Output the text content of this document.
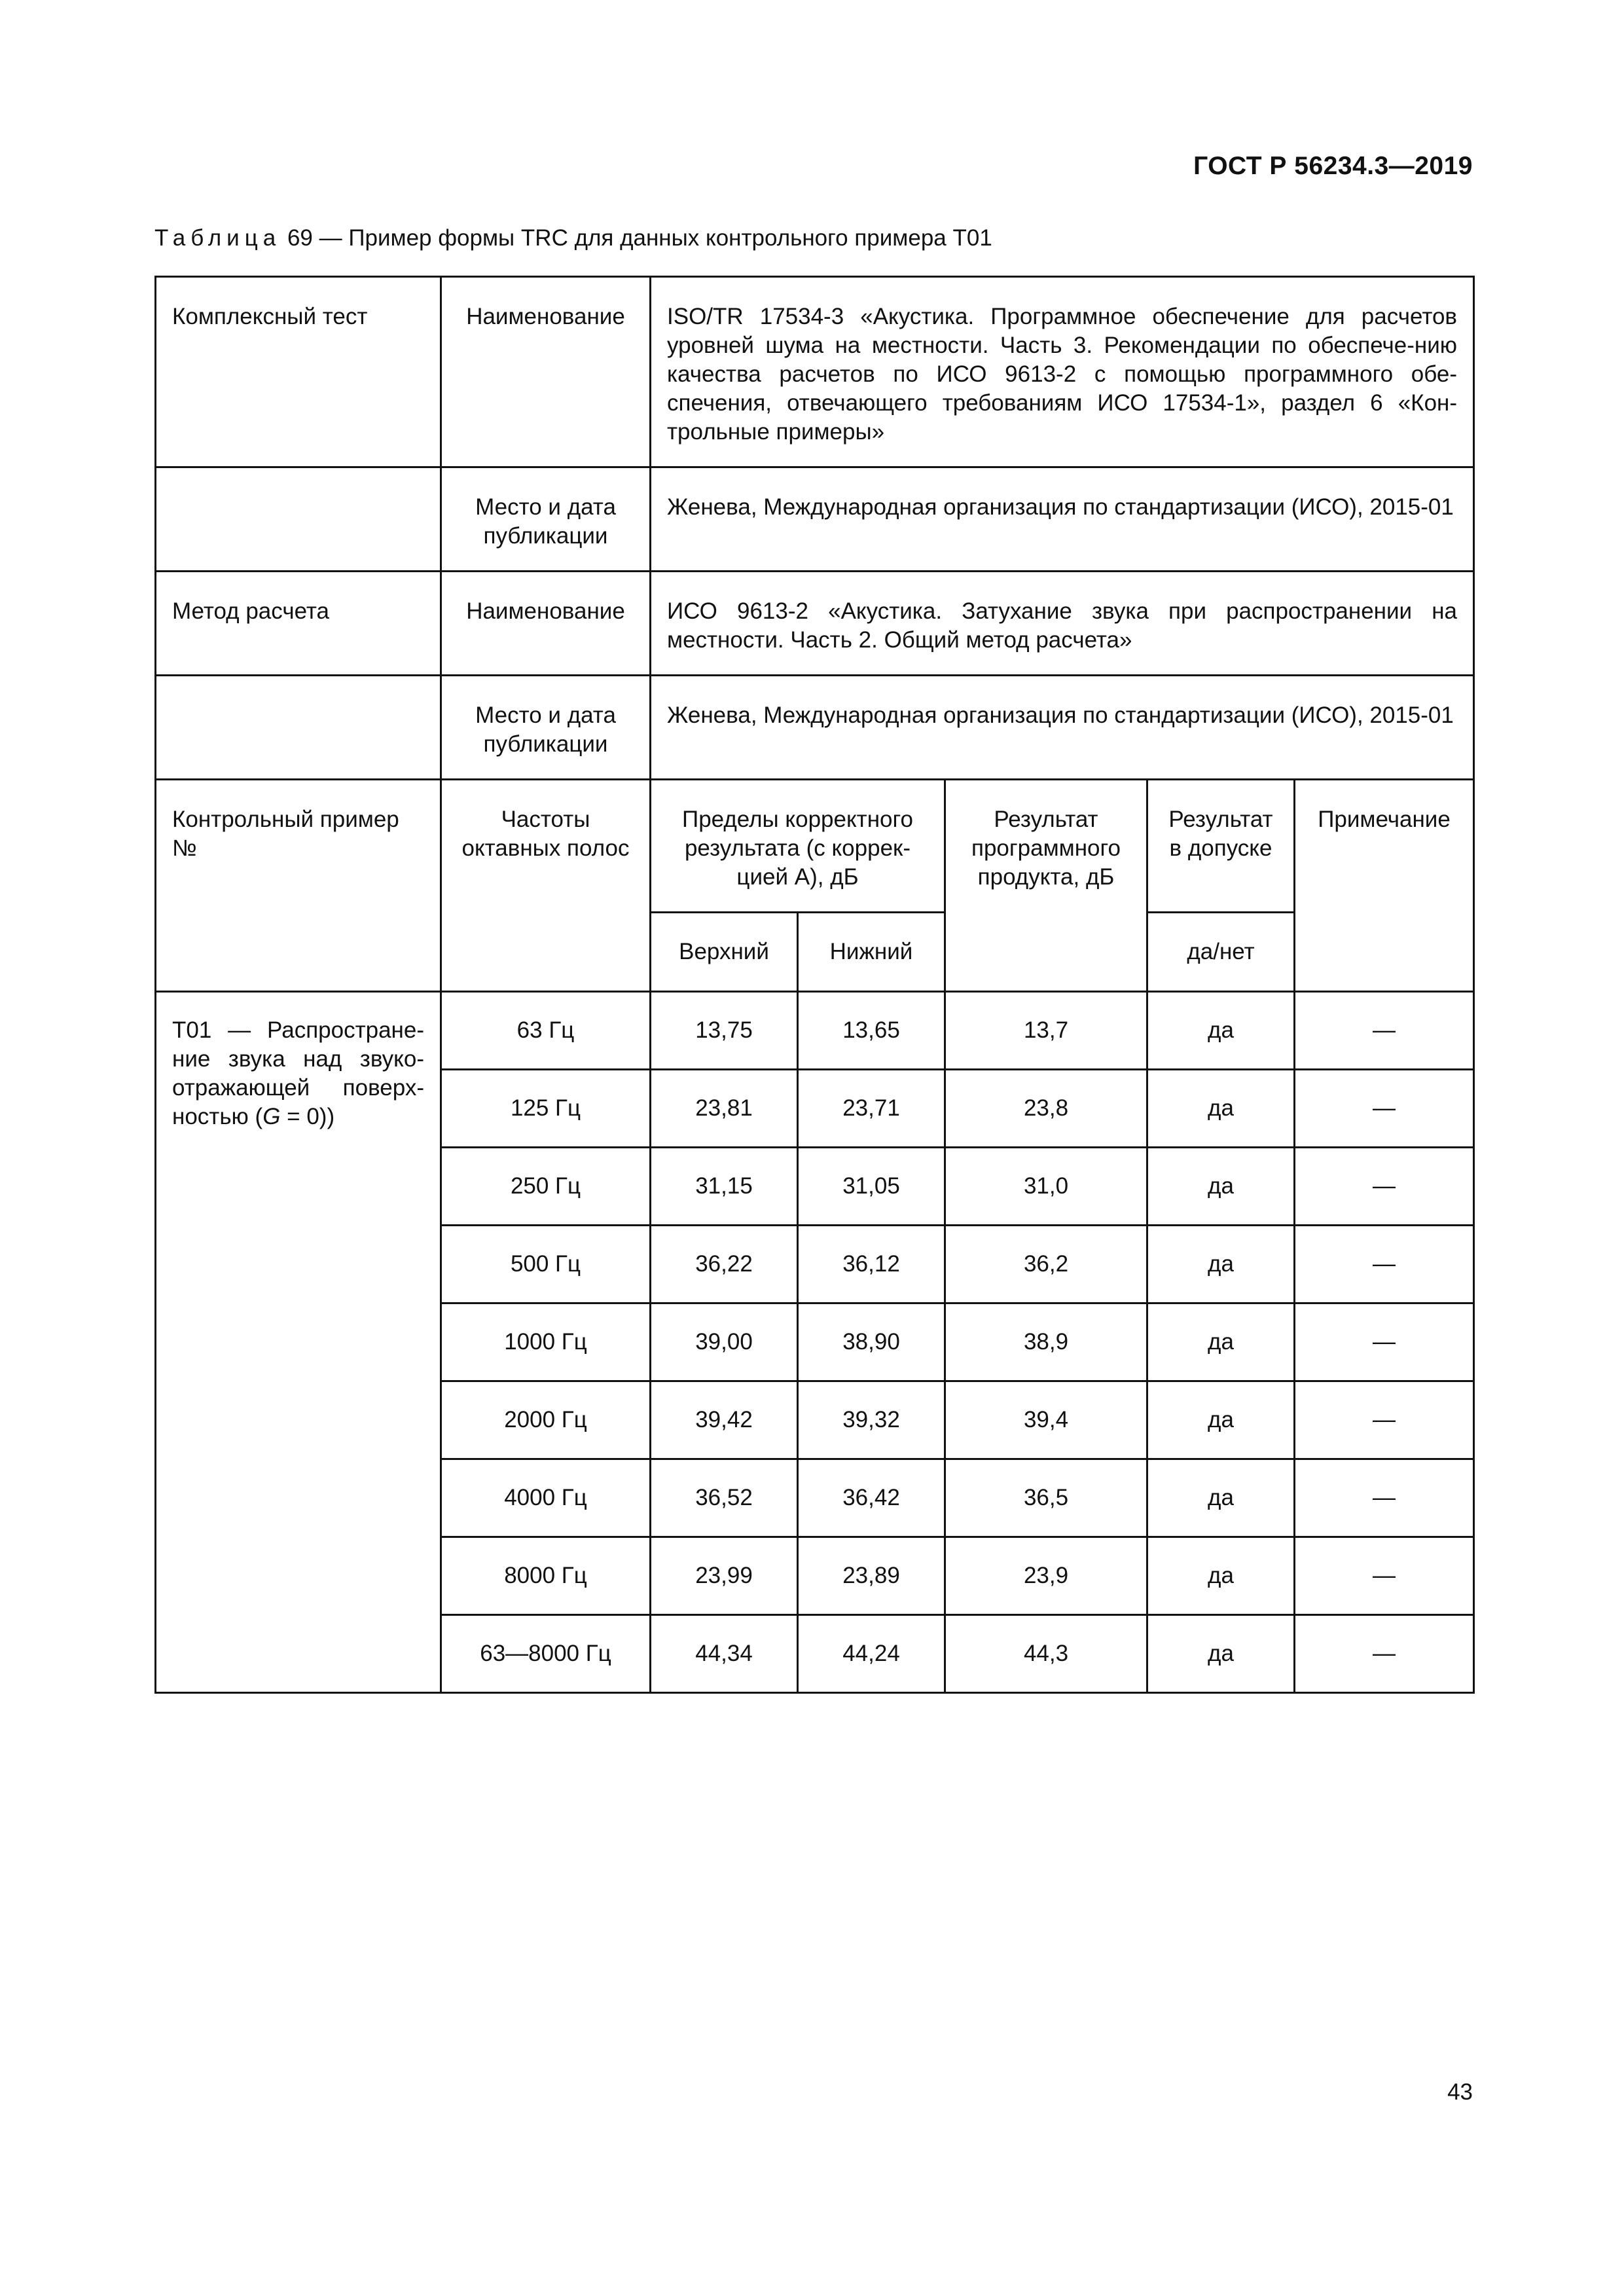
ГОСТ Р 56234.3—2019
Таблица 69 — Пример формы TRC для данных контрольного примера T01
Комплексный тест	Наименование	ISO/TR 17534-3 «Акустика. Программное обеспечение для расчетов уровней шума на местности. Часть 3. Рекомендации по обеспече-нию качества расчетов по ИСО 9613-2 с помощью программного обе-спечения, отвечающего требованиям ИСО 17534-1», раздел 6 «Кон-трольные примеры»				
	Место и дата публикации	Женева, Международная организация по стандартизации (ИСО), 2015-01				
Метод расчета	Наименование	ИСО 9613-2 «Акустика. Затухание звука при распространении на местности. Часть 2. Общий метод расчета»				
	Место и дата публикации	Женева, Международная организация по стандартизации (ИСО), 2015-01				
Контрольный пример №	Частоты октавных полос	Пределы корректного результата (с коррек-цией А), дБ		Результат программного продукта, дБ	Результат в допуске	Примечание
		Верхний	Нижний		да/нет	
T01 — Распростране-ние звука над звуко-отражающей поверх-ностью (G = 0))	63 Гц	13,75	13,65	13,7	да	—
	125 Гц	23,81	23,71	23,8	да	—
	250 Гц	31,15	31,05	31,0	да	—
	500 Гц	36,22	36,12	36,2	да	—
	1000 Гц	39,00	38,90	38,9	да	—
	2000 Гц	39,42	39,32	39,4	да	—
	4000 Гц	36,52	36,42	36,5	да	—
	8000 Гц	23,99	23,89	23,9	да	—
	63—8000 Гц	44,34	44,24	44,3	да	—
43
